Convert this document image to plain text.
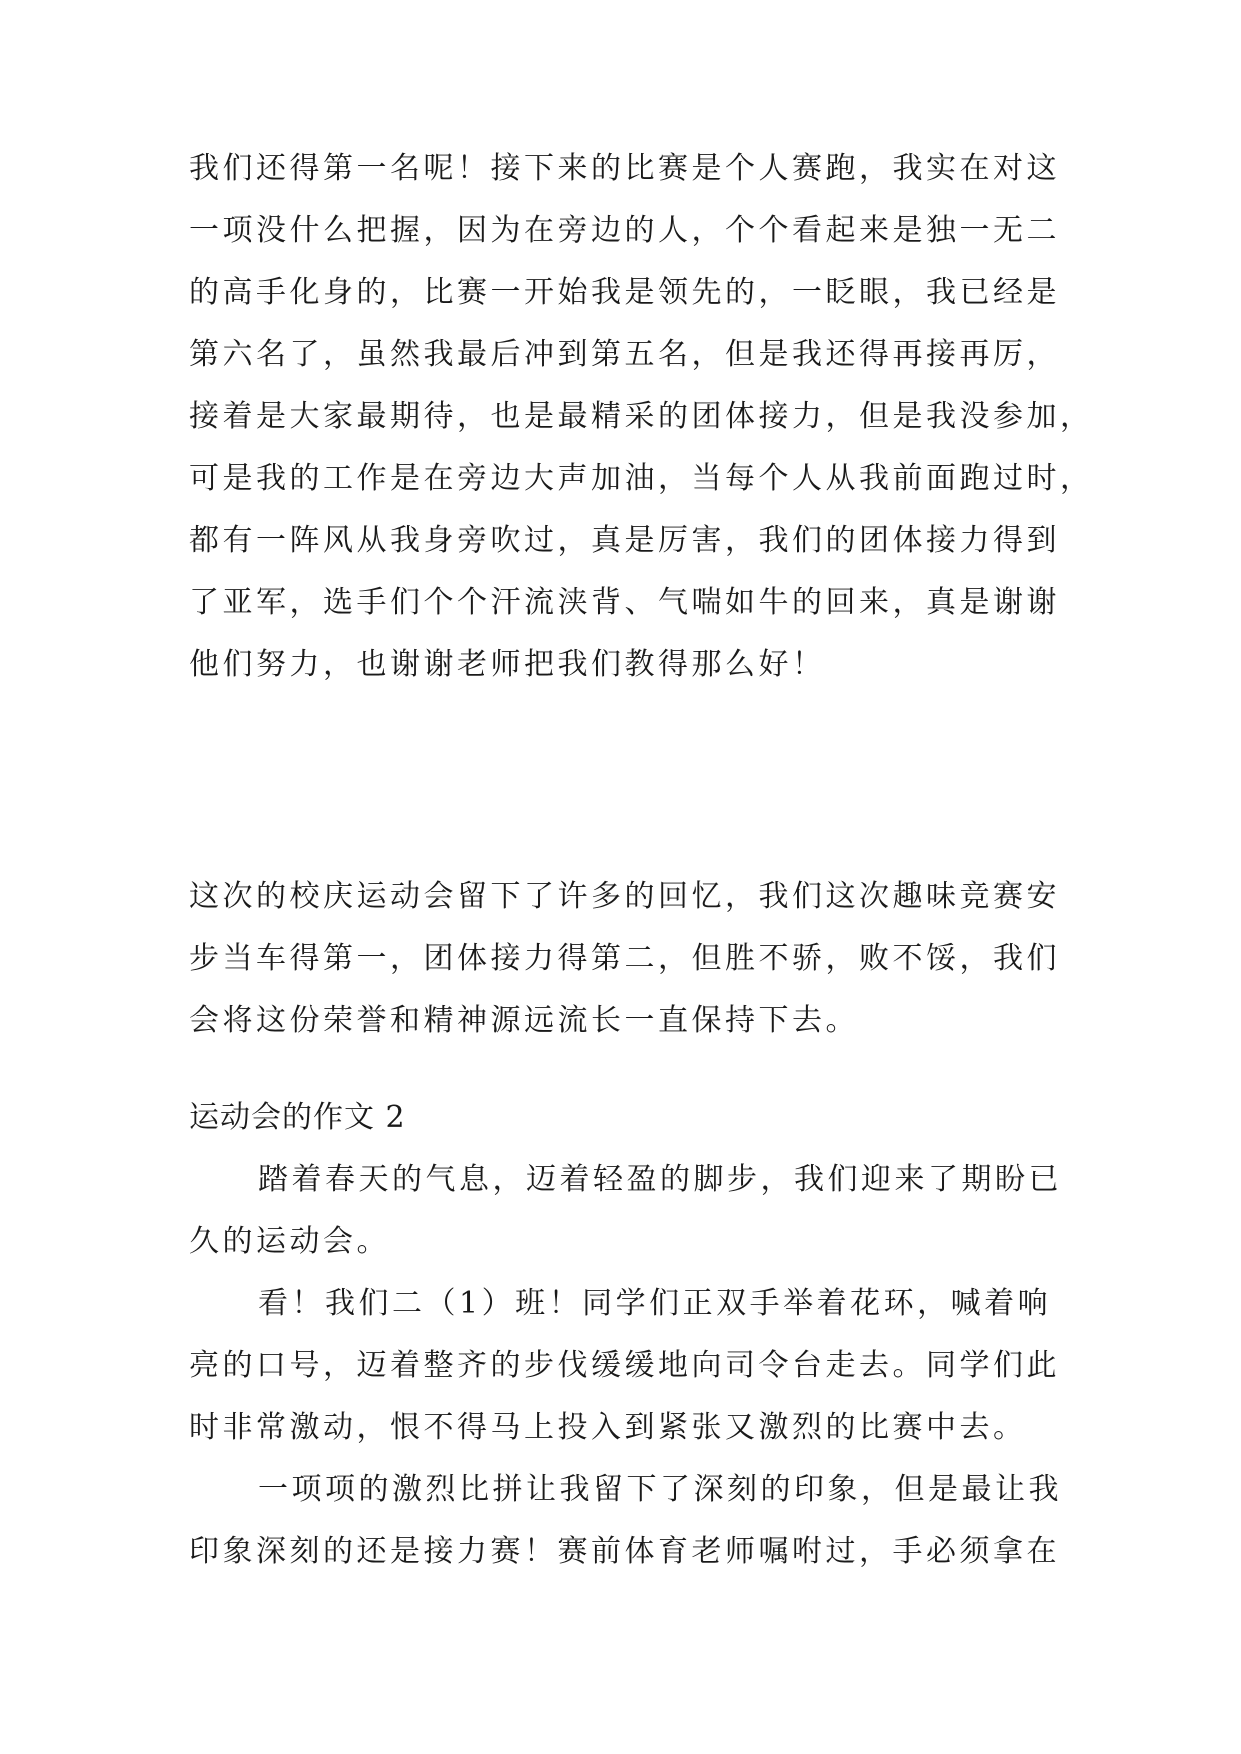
我们还得第一名呢！接下来的比赛是个人赛跑，我实在对这
一项没什么把握，因为在旁边的人，个个看起来是独一无二
的高手化身的，比赛一开始我是领先的，一眨眼，我已经是
第六名了，虽然我最后冲到第五名，但是我还得再接再厉，
接着是大家最期待，也是最精采的团体接力，但是我没参加，
可是我的工作是在旁边大声加油，当每个人从我前面跑过时，
都有一阵风从我身旁吹过，真是厉害，我们的团体接力得到
了亚军，选手们个个汗流浃背、气喘如牛的回来，真是谢谢
他们努力，也谢谢老师把我们教得那么好！
这次的校庆运动会留下了许多的回忆，我们这次趣味竞赛安
步当车得第一，团体接力得第二，但胜不骄，败不馁，我们
会将这份荣誉和精神源远流长一直保持下去。
运动会的作文 2
踏着春天的气息，迈着轻盈的脚步，我们迎来了期盼已
久的运动会。
看！我们二（1）班！同学们正双手举着花环，喊着响
亮的口号，迈着整齐的步伐缓缓地向司令台走去。同学们此
时非常激动，恨不得马上投入到紧张又激烈的比赛中去。
一项项的激烈比拼让我留下了深刻的印象，但是最让我
印象深刻的还是接力赛！赛前体育老师嘱咐过，手必须拿在
